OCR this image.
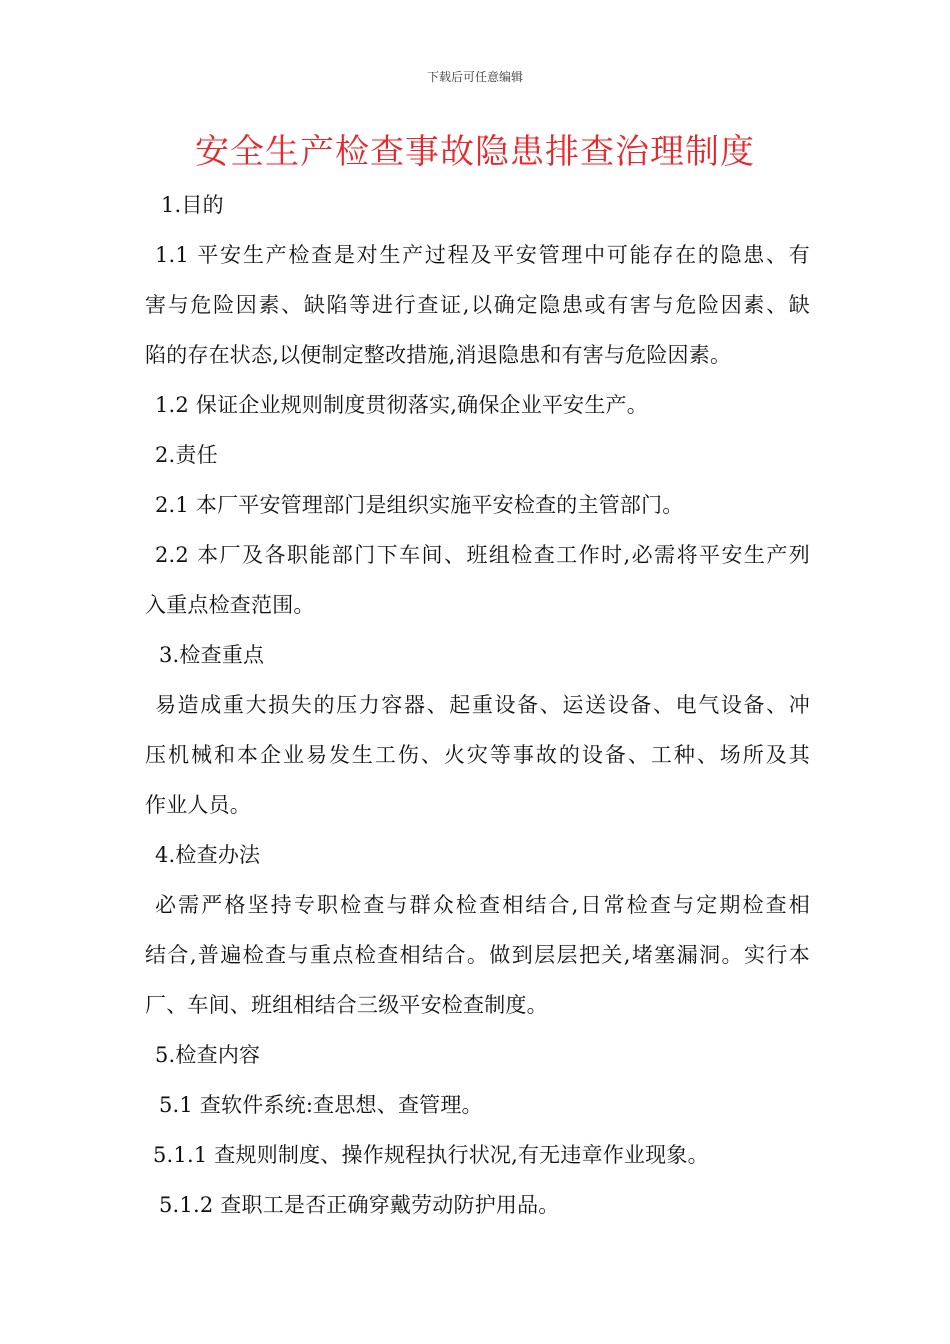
下载后可任意编辑
安全生产检查事故隐患排查治理制度
1.目的
1.1 平安生产检查是对生产过程及平安管理中可能存在的隐患、有
害与危险因素、缺陷等进行查证,以确定隐患或有害与危险因素、缺
陷的存在状态,以便制定整改措施,消退隐患和有害与危险因素。
1.2 保证企业规则制度贯彻落实,确保企业平安生产。
2.责任
2.1 本厂平安管理部门是组织实施平安检查的主管部门。
2.2 本厂及各职能部门下车间、班组检查工作时,必需将平安生产列
入重点检查范围。
3.检查重点
易造成重大损失的压力容器、起重设备、运送设备、电气设备、冲
压机械和本企业易发生工伤、火灾等事故的设备、工种、场所及其
作业人员。
4.检查办法
必需严格坚持专职检查与群众检查相结合,日常检查与定期检查相
结合,普遍检查与重点检查相结合。做到层层把关,堵塞漏洞。实行本
厂、车间、班组相结合三级平安检查制度。
5.检查内容
5.1 查软件系统:查思想、查管理。
5.1.1 查规则制度、操作规程执行状况,有无违章作业现象。
5.1.2 查职工是否正确穿戴劳动防护用品。
